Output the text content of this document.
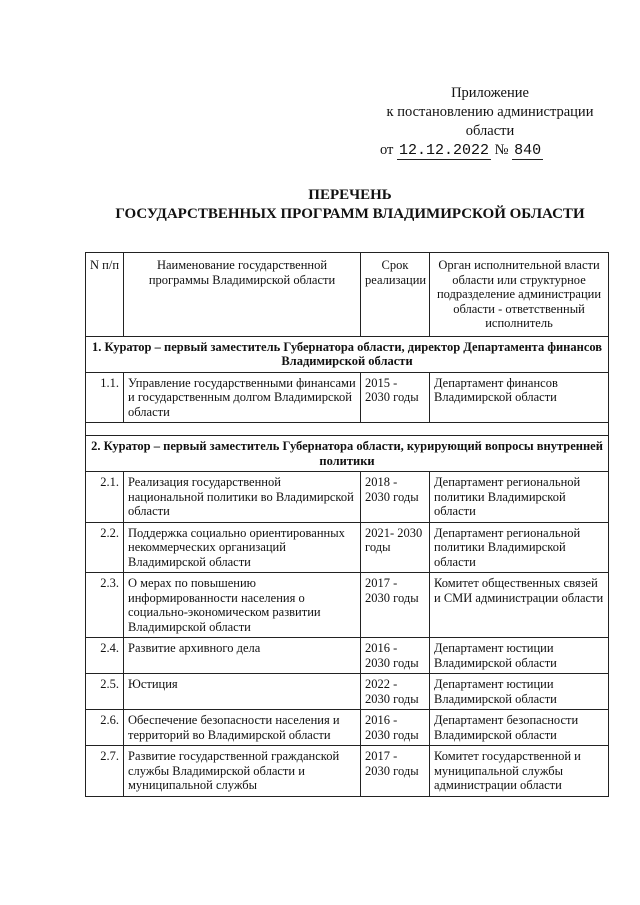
Приложение
к постановлению администрации
области
от 12.12.2022 № 840
ПЕРЕЧЕНЬ
ГОСУДАРСТВЕННЫХ ПРОГРАММ ВЛАДИМИРСКОЙ ОБЛАСТИ
N п/п	Наименование государственной программы Владимирской области	Срок реализации	Орган исполнительной власти области или структурное подразделение администрации области - ответственный исполнитель
1. Куратор – первый заместитель Губернатора области, директор Департамента финансов Владимирской области			
1.1.	Управление государственными финансами и государственным долгом Владимирской области	2015 - 2030 годы	Департамент финансов Владимирской области

2. Куратор – первый заместитель Губернатора области, курирующий вопросы внутренней политики			
2.1.	Реализация государственной национальной политики во Владимирской области	2018 - 2030 годы	Департамент региональной политики Владимирской области
2.2.	Поддержка социально ориентированных некоммерческих организаций Владимирской области	2021- 2030 годы	Департамент региональной политики Владимирской области
2.3.	О мерах по повышению информированности населения о социально-экономическом развитии Владимирской области	2017 - 2030 годы	Комитет общественных связей и СМИ администрации области
2.4.	Развитие архивного дела	2016 - 2030 годы	Департамент юстиции Владимирской области
2.5.	Юстиция	2022 - 2030 годы	Департамент юстиции Владимирской области
2.6.	Обеспечение безопасности населения и территорий во Владимирской области	2016 - 2030 годы	Департамент безопасности Владимирской области
2.7.	Развитие государственной гражданской службы Владимирской области и муниципальной службы	2017 - 2030 годы	Комитет государственной и муниципальной службы администрации области
